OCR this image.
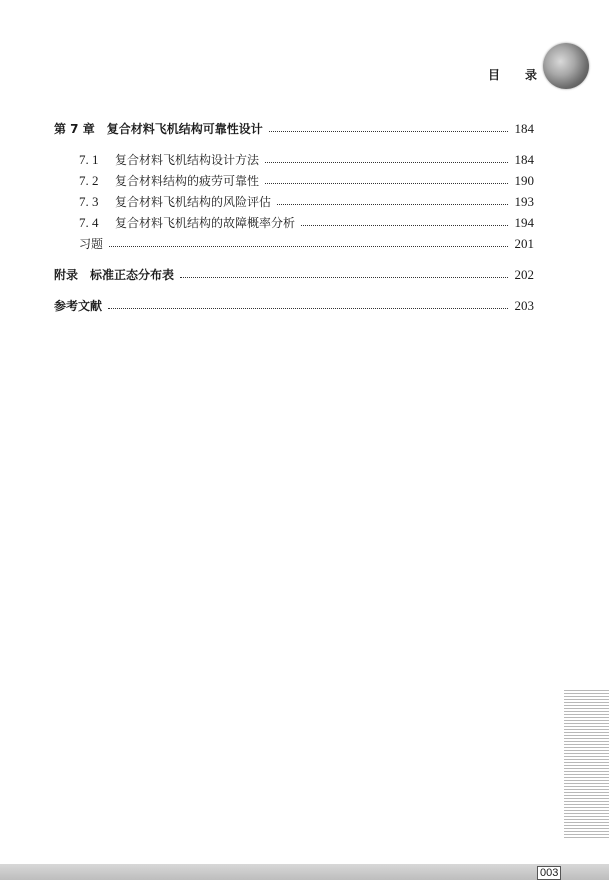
目 录
第 7 章 复合材料飞机结构可靠性设计	184
7. 1	复合材料飞机结构设计方法	184
7. 2	复合材料结构的疲劳可靠性	190
7. 3	复合材料飞机结构的风险评估	193
7. 4	复合材料飞机结构的故障概率分析	194
习题	201
附录 标准正态分布表	202
参考文献	203
003
